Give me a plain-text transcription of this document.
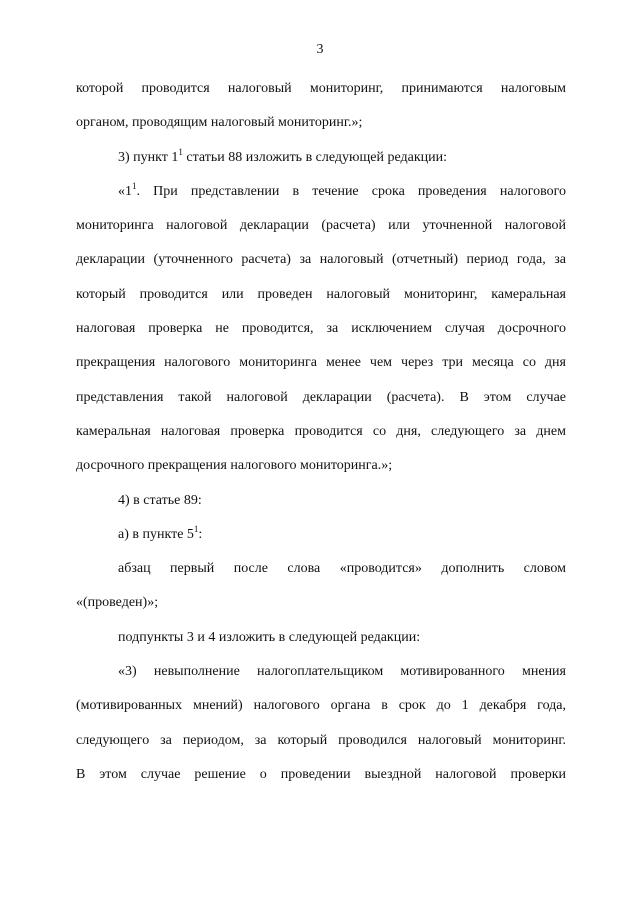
3
которой проводится налоговый мониторинг, принимаются налоговым
органом, проводящим налоговый мониторинг.»;
3) пункт $1^1$ статьи 88 изложить в следующей редакции:
«$1^1$. При представлении в течение срока проведения налогового
мониторинга налоговой декларации (расчета) или уточненной налоговой
декларации (уточненного расчета) за налоговый (отчетный) период года, за
который проводится или проведен налоговый мониторинг, камеральная
налоговая проверка не проводится, за исключением случая досрочного
прекращения налогового мониторинга менее чем через три месяца со дня
представления такой налоговой декларации (расчета). В этом случае
камеральная налоговая проверка проводится со дня, следующего за днем
досрочного прекращения налогового мониторинга.»;
4) в статье 89:
а) в пункте $5^1$:
абзац первый после слова «проводится» дополнить словом
«(проведен)»;
подпункты 3 и 4 изложить в следующей редакции:
«3) невыполнение налогоплательщиком мотивированного мнения
(мотивированных мнений) налогового органа в срок до 1 декабря года,
следующего за периодом, за который проводился налоговый мониторинг.
В этом случае решение о проведении выездной налоговой проверки
